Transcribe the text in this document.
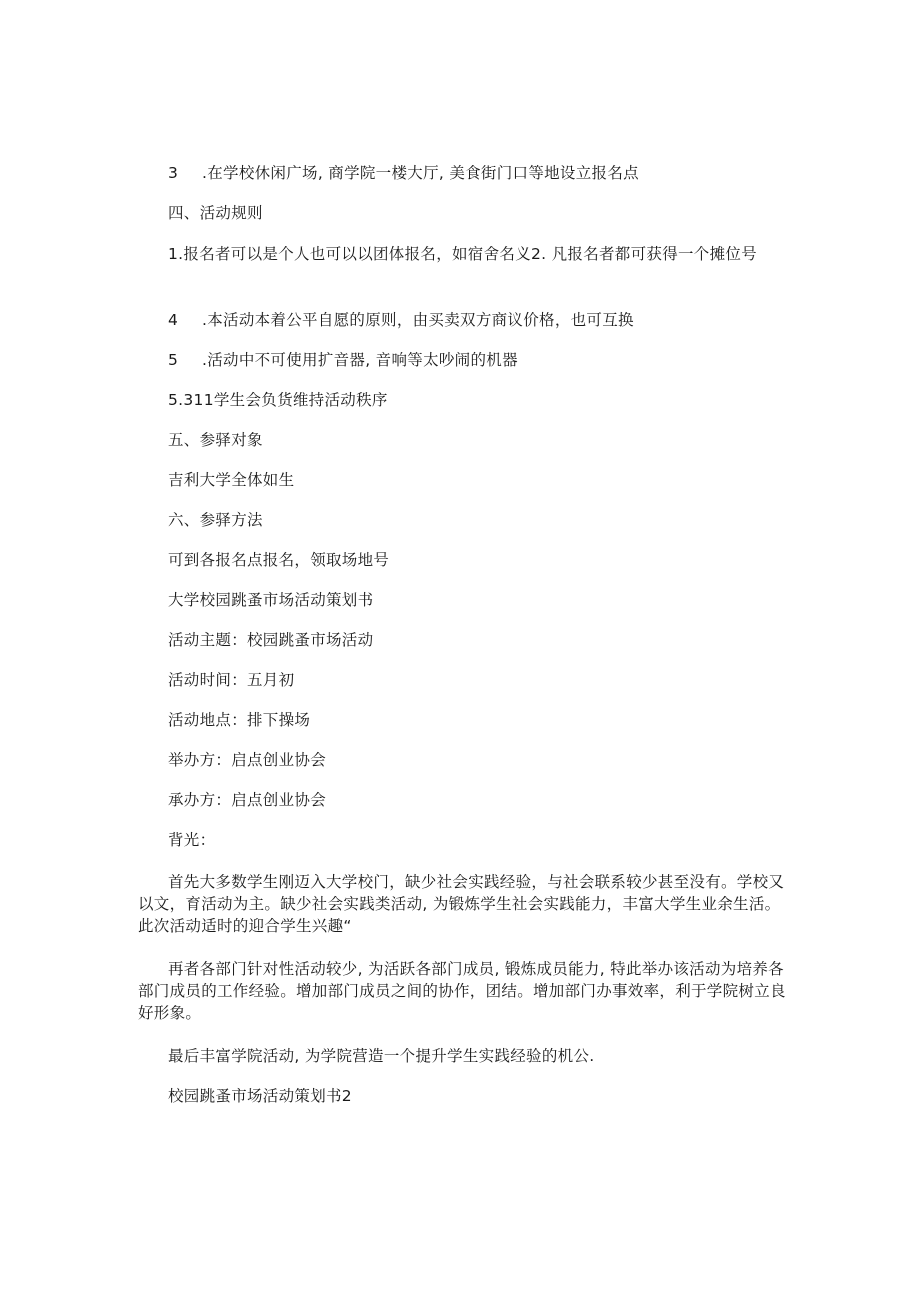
3 .在学校休闲广场, 商学院一楼大厅, 美食街门口等地设立报名点
四、活动规则
1.报名者可以是个人也可以以团体报名，如宿舍名义2. 凡报名者都可获得一个摊位号
4 .本活动本着公平自愿的原则，由买卖双方商议价格，也可互换
5 .活动中不可使用扩音器, 音响等太吵闹的机器
5.311学生会负货维持活动秩序
五、参驿对象
吉利大学全体如生
六、参驿方法
可到各报名点报名，领取场地号
大学校园跳蚤市场活动策划书
活动主题：校园跳蚤市场活动
活动时间：五月初
活动地点：排下操场
举办方：启点创业协会
承办方：启点创业协会
背光：
首先大多数学生刚迈入大学校门，缺少社会实践经验，与社会联系较少甚至没有。学校又以文，育活动为主。缺少社会实践类活动, 为锻炼学生社会实践能力，丰富大学生业余生活。此次活动适时的迎合学生兴趣“
再者各部门针对性活动较少, 为活跃各部门成员, 锻炼成员能力, 特此举办该活动为培养各部门成员的工作经验。增加部门成员之间的协作，团结。增加部门办事效率，利于学院树立良好形象。
最后丰富学院活动, 为学院营造一个提升学生实践经验的机公.
校园跳蚤市场活动策划书2
